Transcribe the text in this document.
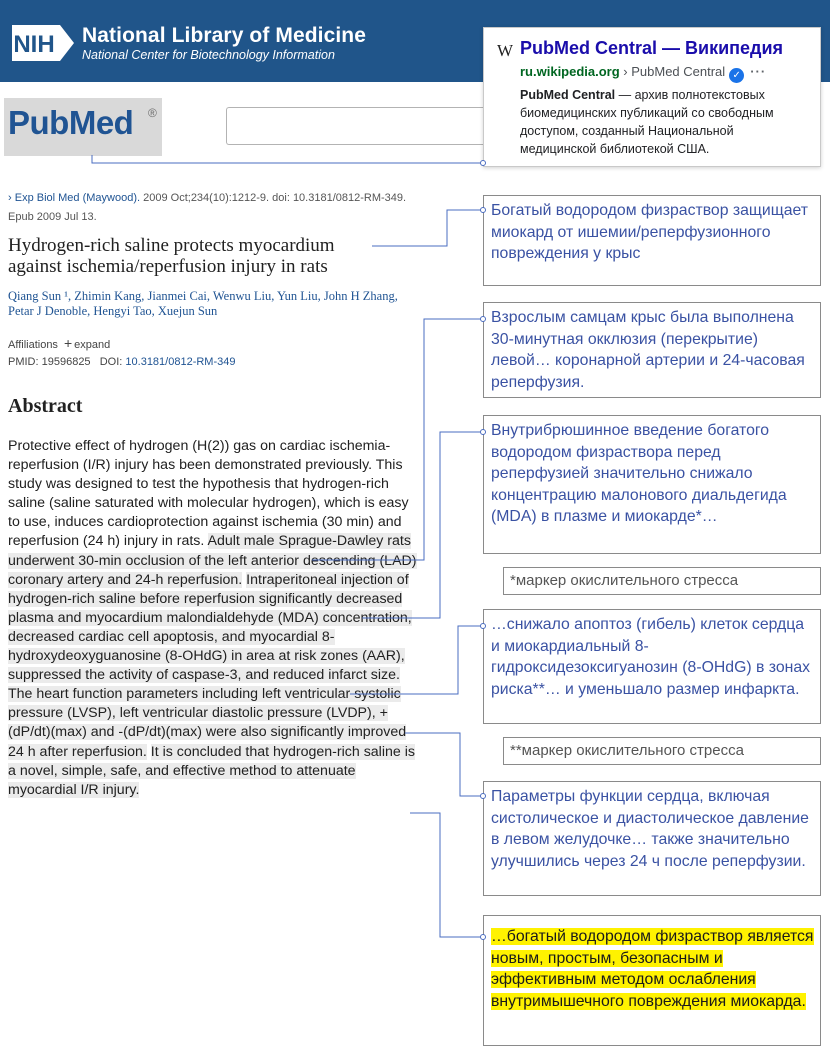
NIH National Library of Medicine
National Center for Biotechnology Information
PubMed ®
W PubMed Central — Википедия
ru.wikipedia.org › PubMed Central ✓ ···
PubMed Central — архив полнотекстовых биомедицинских публикаций со свободным доступом, созданный Национальной медицинской библиотекой США.
› Exp Biol Med (Maywood). 2009 Oct;234(10):1212-9. doi: 10.3181/0812-RM-349.
Epub 2009 Jul 13.
Hydrogen-rich saline protects myocardium against ischemia/reperfusion injury in rats
Qiang Sun ¹, Zhimin Kang, Jianmei Cai, Wenwu Liu, Yun Liu, John H Zhang, Petar J Denoble, Hengyi Tao, Xuejun Sun
Affiliations + expand
PMID: 19596825 DOI: 10.3181/0812-RM-349
Abstract
Protective effect of hydrogen (H(2)) gas on cardiac ischemia-reperfusion (I/R) injury has been demonstrated previously. This study was designed to test the hypothesis that hydrogen-rich saline (saline saturated with molecular hydrogen), which is easy to use, induces cardioprotection against ischemia (30 min) and reperfusion (24 h) injury in rats. Adult male Sprague-Dawley rats underwent 30-min occlusion of the left anterior descending (LAD) coronary artery and 24-h reperfusion. Intraperitoneal injection of hydrogen-rich saline before reperfusion significantly decreased plasma and myocardium malondialdehyde (MDA) concentration, decreased cardiac cell apoptosis, and myocardial 8-hydroxydeoxyguanosine (8-OHdG) in area at risk zones (AAR), suppressed the activity of caspase-3, and reduced infarct size. The heart function parameters including left ventricular systolic pressure (LVSP), left ventricular diastolic pressure (LVDP), +(dP/dt)(max) and -(dP/dt)(max) were also significantly improved 24 h after reperfusion. It is concluded that hydrogen-rich saline is a novel, simple, safe, and effective method to attenuate myocardial I/R injury.
Богатый водородом физраствор защищает миокард от ишемии/реперфузионного повреждения у крыс
Взрослым самцам крыс была выполнена 30-минутная окклюзия (перекрытие) левой… коронарной артерии и 24-часовая реперфузия.
Внутрибрюшинное введение богатого водородом физраствора перед реперфузией значительно снижало концентрацию малонового диальдегида (MDA) в плазме и миокарде*…
*маркер окислительного стресса
…снижало апоптоз (гибель) клеток сердца и миокардиальный 8-гидроксидезоксигуанозин (8-OHdG) в зонах риска**… и уменьшало размер инфаркта.
**маркер окислительного стресса
Параметры функции сердца, включая систолическое и диастолическое давление в левом желудочке… также значительно улучшились через 24 ч после реперфузии.
…богатый водородом физраствор является новым, простым, безопасным и эффективным методом ослабления внутримышечного повреждения миокарда.
